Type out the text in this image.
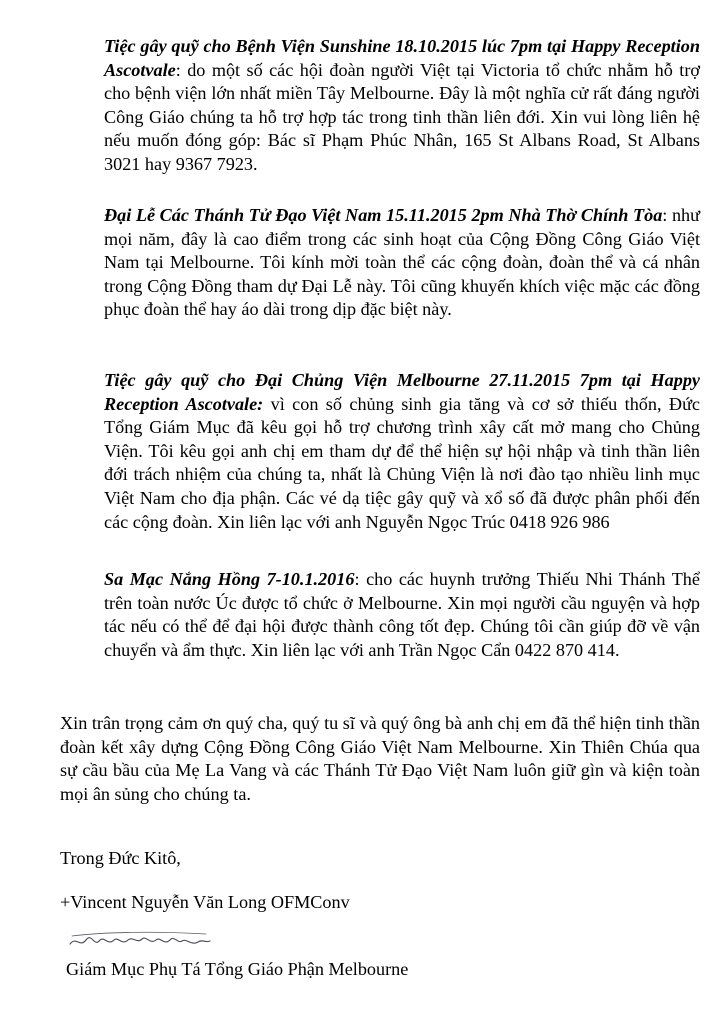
Tiệc gây quỹ cho Bệnh Viện Sunshine 18.10.2015 lúc 7pm tại Happy Reception Ascotvale: do một số các hội đoàn người Việt tại Victoria tổ chức nhằm hỗ trợ cho bệnh viện lớn nhất miền Tây Melbourne. Đây là một nghĩa cử rất đáng người Công Giáo chúng ta hỗ trợ hợp tác trong tinh thần liên đới. Xin vui lòng liên hệ nếu muốn đóng góp: Bác sĩ Phạm Phúc Nhân, 165 St Albans Road, St Albans 3021 hay 9367 7923.

Đại Lễ Các Thánh Tử Đạo Việt Nam 15.11.2015 2pm Nhà Thờ Chính Tòa: như mọi năm, đây là cao điểm trong các sinh hoạt của Cộng Đồng Công Giáo Việt Nam tại Melbourne. Tôi kính mời toàn thể các cộng đoàn, đoàn thể và cá nhân trong Cộng Đồng tham dự Đại Lễ này. Tôi cũng khuyến khích việc mặc các đồng phục đoàn thể hay áo dài trong dịp đặc biệt này.

Tiệc gây quỹ cho Đại Chủng Viện Melbourne 27.11.2015 7pm tại Happy Reception Ascotvale: vì con số chủng sinh gia tăng và cơ sở thiếu thốn, Đức Tổng Giám Mục đã kêu gọi hỗ trợ chương trình xây cất mở mang cho Chủng Viện. Tôi kêu gọi anh chị em tham dự để thể hiện sự hội nhập và tinh thần liên đới trách nhiệm của chúng ta, nhất là Chủng Viện là nơi đào tạo nhiều linh mục Việt Nam cho địa phận. Các vé dạ tiệc gây quỹ và xổ số đã được phân phối đến các cộng đoàn. Xin liên lạc với anh Nguyễn Ngọc Trúc 0418 926 986

Sa Mạc Nắng Hồng 7-10.1.2016: cho các huynh trưởng Thiếu Nhi Thánh Thể trên toàn nước Úc được tổ chức ở Melbourne. Xin mọi người cầu nguyện và hợp tác nếu có thể để đại hội được thành công tốt đẹp. Chúng tôi cần giúp đỡ về vận chuyển và ẩm thực. Xin liên lạc với anh Trần Ngọc Cẩn 0422 870 414.

Xin trân trọng cảm ơn quý cha, quý tu sĩ và quý ông bà anh chị em đã thể hiện tinh thần đoàn kết xây dựng Cộng Đồng Công Giáo Việt Nam Melbourne. Xin Thiên Chúa qua sự cầu bầu của Mẹ La Vang và các Thánh Tử Đạo Việt Nam luôn giữ gìn và kiện toàn mọi ân sủng cho chúng ta.

Trong Đức Kitô,

+Vincent Nguyễn Văn Long OFMConv

Giám Mục Phụ Tá Tổng Giáo Phận Melbourne
